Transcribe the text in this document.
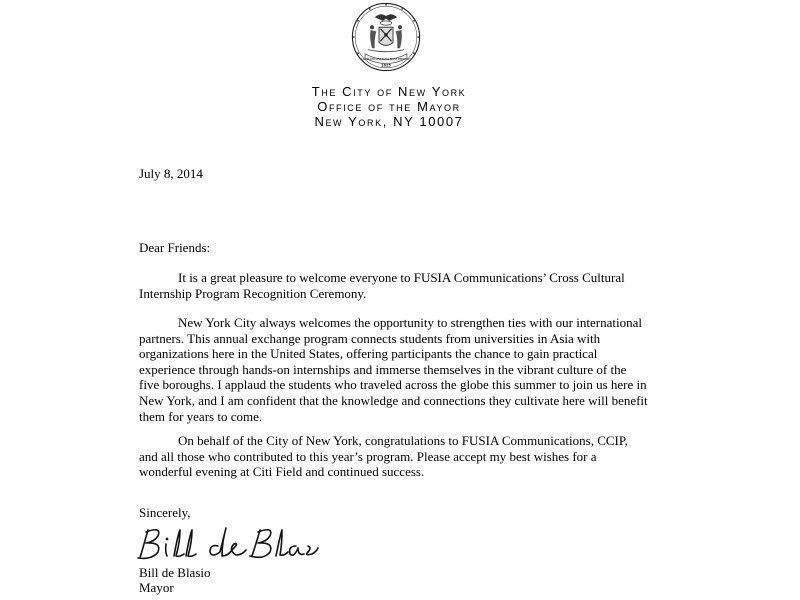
SIGILLUM CIVITATIS NOVI EBORACI
1625
The City of New York
Office of the Mayor
New York, NY 10007
July 8, 2014
Dear Friends:

It is a great pleasure to welcome everyone to FUSIA Communications’ Cross Cultural Internship Program Recognition Ceremony.

New York City always welcomes the opportunity to strengthen ties with our international partners. This annual exchange program connects students from universities in Asia with organizations here in the United States, offering participants the chance to gain practical experience through hands-on internships and immerse themselves in the vibrant culture of the five boroughs. I applaud the students who traveled across the globe this summer to join us here in New York, and I am confident that the knowledge and connections they cultivate here will benefit them for years to come.

On behalf of the City of New York, congratulations to FUSIA Communications, CCIP, and all those who contributed to this year’s program. Please accept my best wishes for a wonderful evening at Citi Field and continued success.

Sincerely,
Bill de Blasio
Mayor
